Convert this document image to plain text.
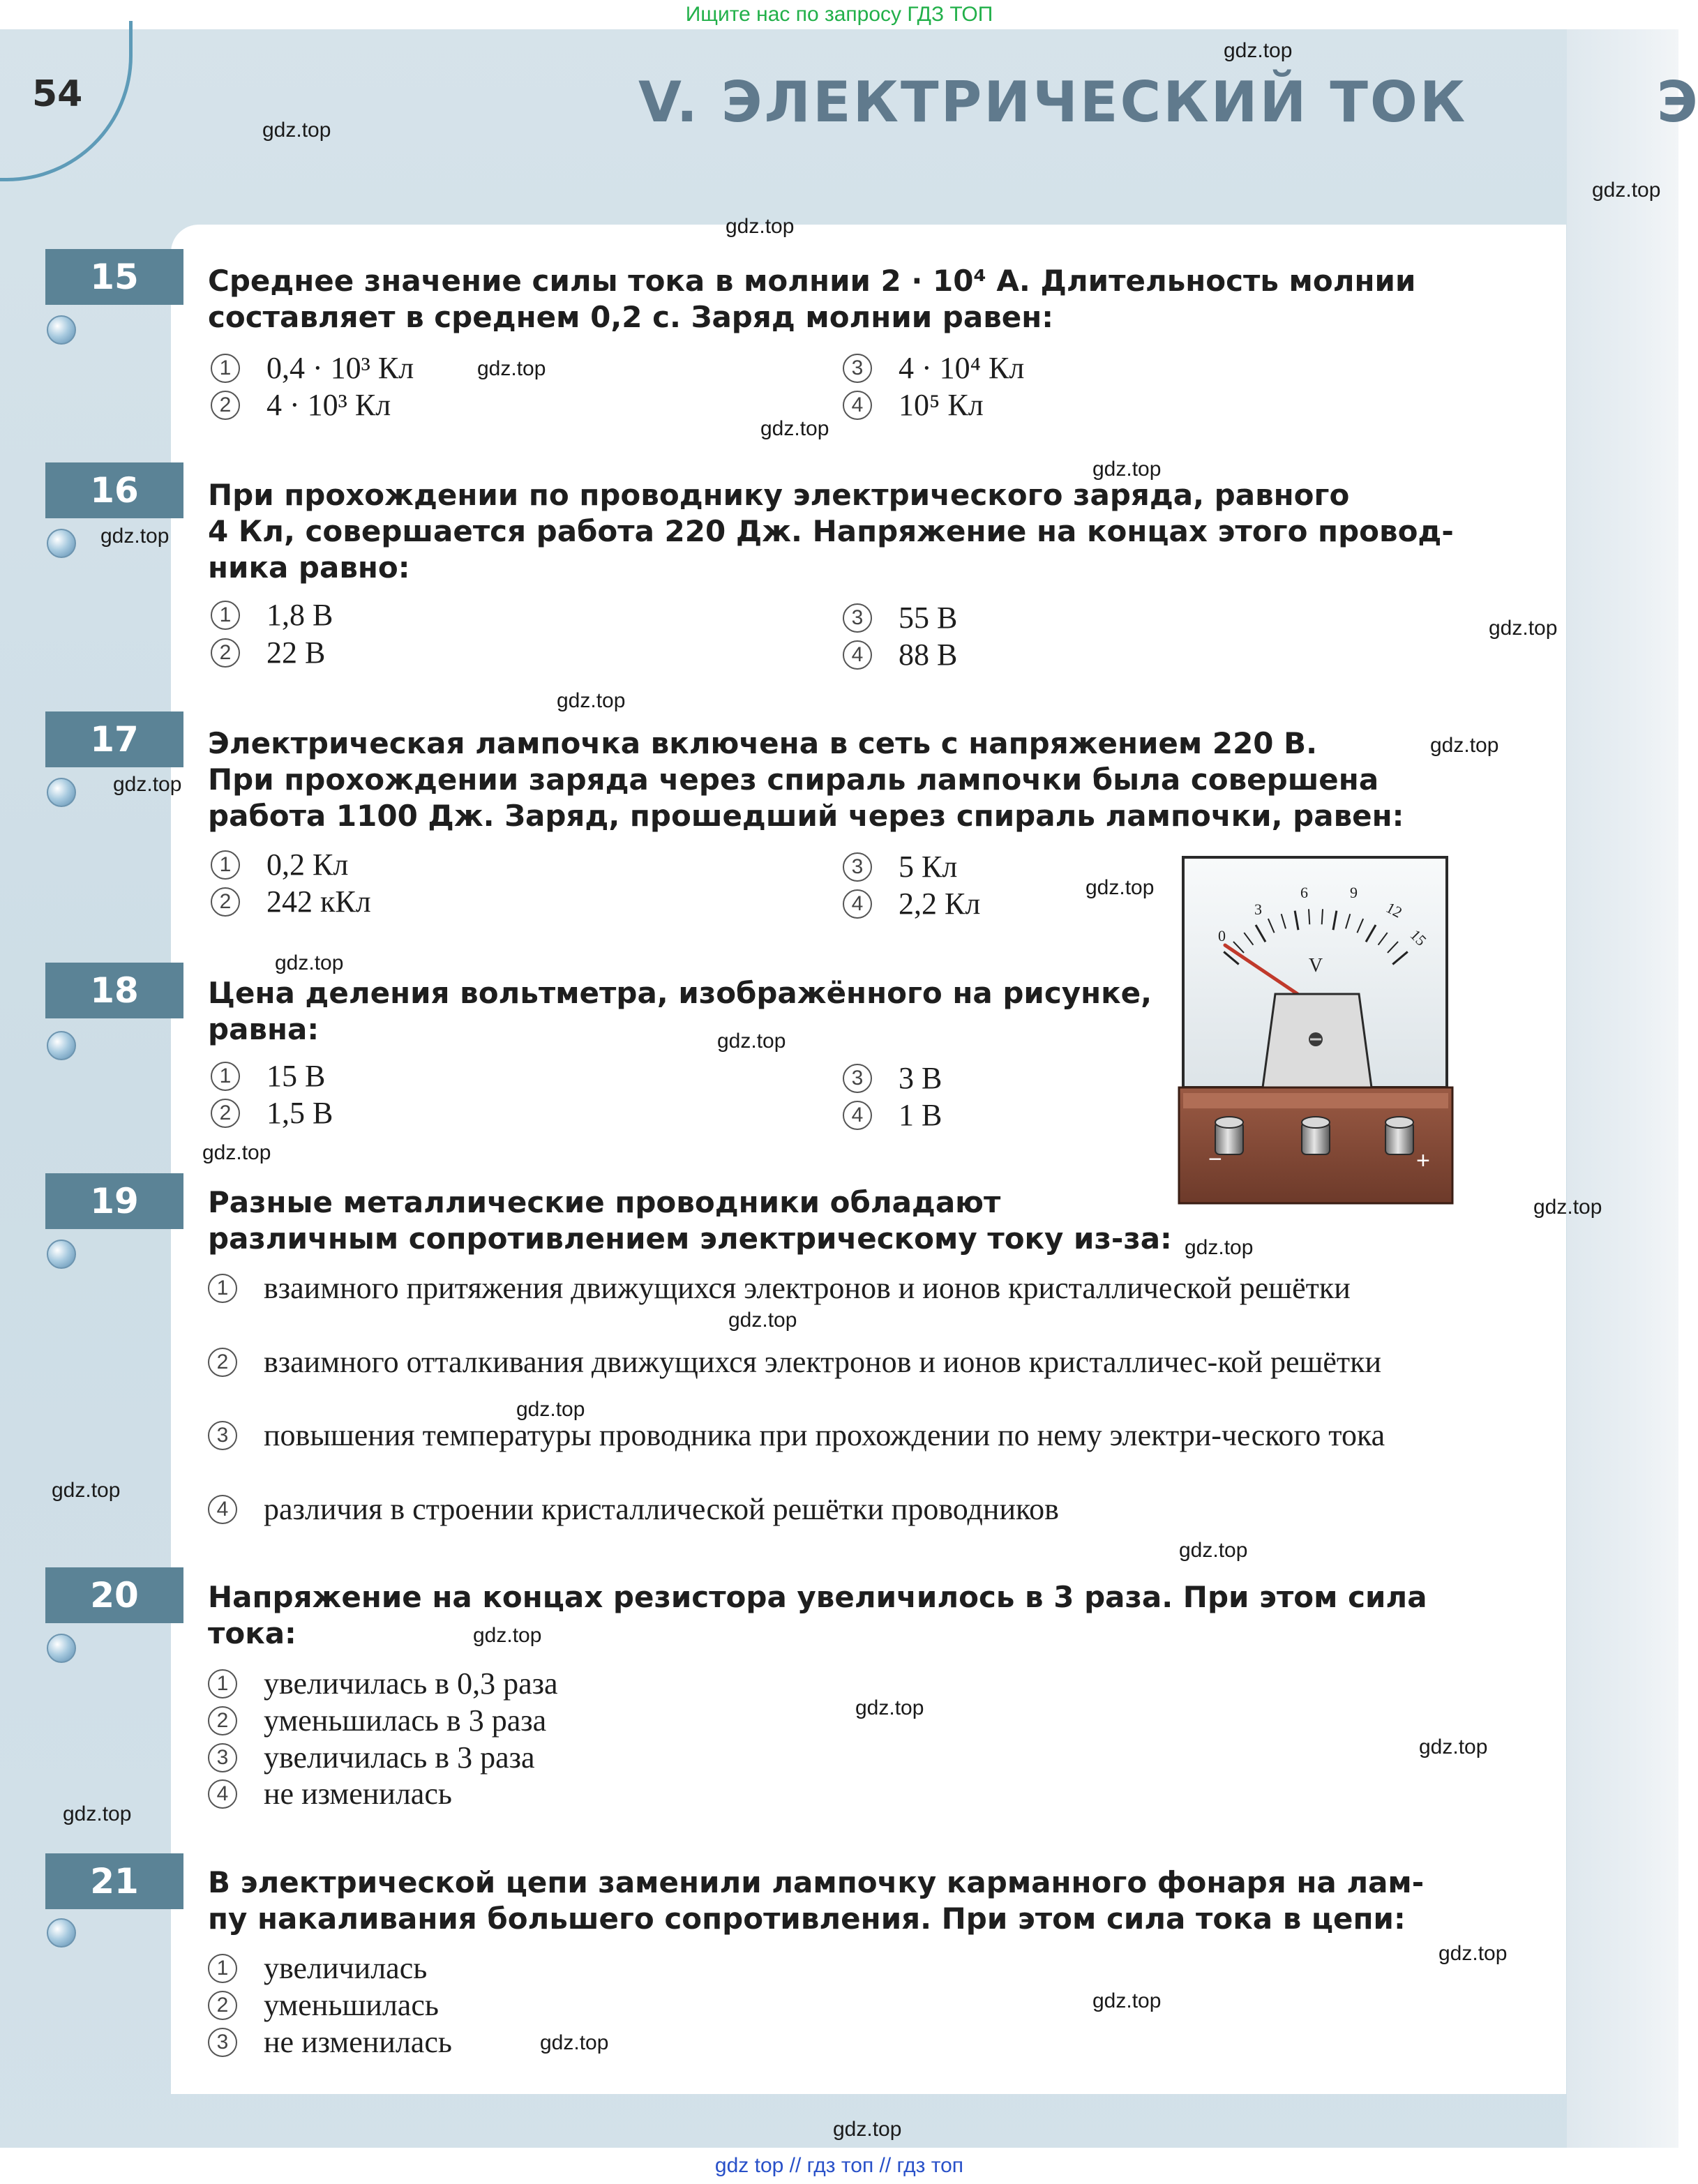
Ищите нас по запросу ГДЗ ТОП
54	V. ЭЛЕКТРИЧЕСКИЙ ТОК	Э
15	Среднее значение силы тока в молнии 2 · 10⁴ А. Длительность молнии
составляет в среднем 0,2 с. Заряд молнии равен:
1 0,4 · 10³ Кл
2 4 · 10³ Кл
3 4 · 10⁴ Кл
4 10⁵ Кл
16	При прохождении по проводнику электрического заряда, равного
4 Кл, совершается работа 220 Дж. Напряжение на концах этого провод-
ника равно:
1 1,8 В
2 22 В
3 55 В
4 88 В
17	Электрическая лампочка включена в сеть с напряжением 220 В.
При прохождении заряда через спираль лампочки была совершена
работа 1100 Дж. Заряд, прошедший через спираль лампочки, равен:
1 0,2 Кл
2 242 кКл
3 5 Кл
4 2,2 Кл
18	Цена деления вольтметра, изображённого на рисунке,
равна:
1 15 В
2 1,5 В
3 3 В
4 1 В
0
3
6	9
12
15
V
−	+
19	Разные металлические проводники обладают
различным сопротивлением электрическому току из-за:
1 взаимного притяжения движущихся электронов и ионов кристаллической решётки
2 взаимного отталкивания движущихся электронов и ионов кристалличес-кой решётки
3 повышения температуры проводника при прохождении по нему электри-ческого тока
4 различия в строении кристаллической решётки проводников
20	Напряжение на концах резистора увеличилось в 3 раза. При этом сила
тока:
1 увеличилась в 0,3 раза
2 уменьшилась в 3 раза
3 увеличилась в 3 раза
4 не изменилась
21	В электрической цепи заменили лампочку карманного фонаря на лам-
пу накаливания большего сопротивления. При этом сила тока в цепи:
1 увеличилась
2 уменьшилась
3 не изменилась
gdz.top
gdz.top
gdz.top
gdz.top
gdz.top
gdz.top
gdz.top
gdz.top
gdz.top
gdz.top
gdz.top
gdz.top
gdz.top
gdz.top
gdz.top
gdz.top
gdz.top
gdz.top
gdz.top
gdz.top
gdz.top
gdz.top
gdz.top
gdz.top
gdz.top
gdz.top
gdz.top
gdz.top
gdz.top
gdz.top
gdz top // гдз топ // гдз топ
